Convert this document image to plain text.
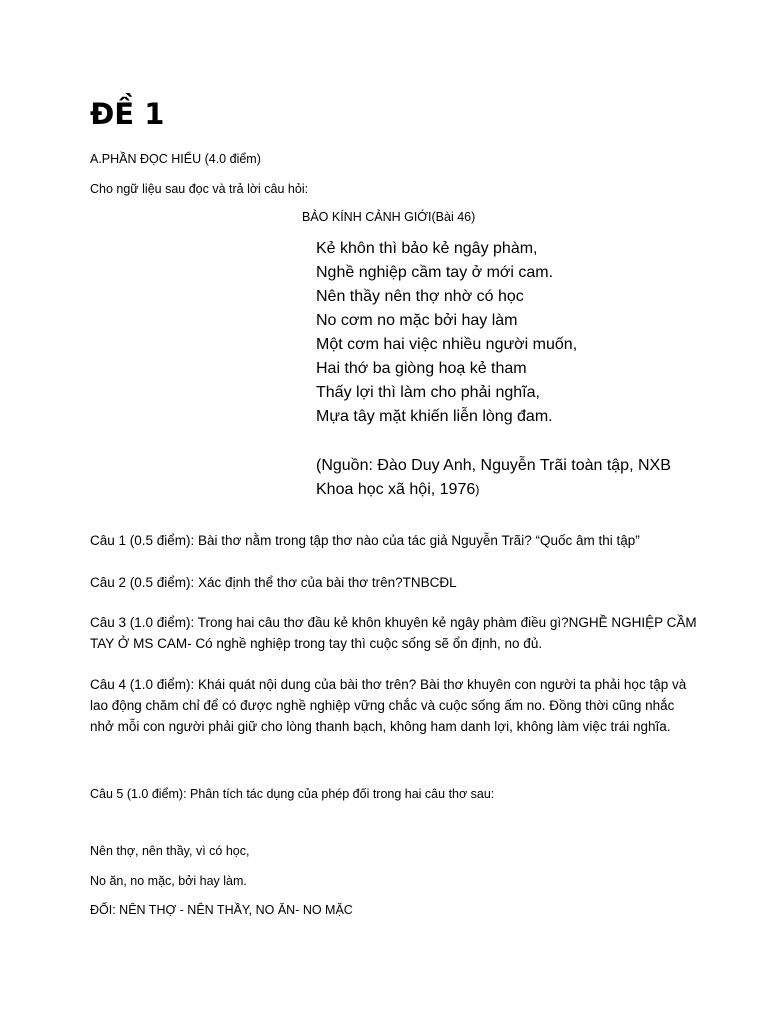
ĐỀ 1
A.PHẦN ĐỌC HIỂU (4.0 điểm)
Cho ngữ liệu sau đọc và trả lời câu hỏi:
BẢO KÍNH CẢNH GIỚI(Bài 46)
Kẻ khôn thì bảo kẻ ngây phàm,
Nghề nghiệp cầm tay ở mới cam.
Nên thầy nên thợ nhờ có học
No cơm no mặc bởi hay làm
Một cơm hai việc nhiều người muốn,
Hai thớ ba giòng hoạ kẻ tham
Thấy lợi thì làm cho phải nghĩa,
Mựa tây mặt khiến liễn lòng đam.
(Nguồn: Đào Duy Anh, Nguyễn Trãi toàn tập, NXB
Khoa học xã hội, 1976)
Câu 1 (0.5 điểm): Bài thơ nằm trong tập thơ nào của tác giả Nguyễn Trãi? “Quốc âm thi tập”
Câu 2 (0.5 điểm): Xác định thể thơ của bài thơ trên?TNBCĐL
Câu 3 (1.0 điểm): Trong hai câu thơ đầu kẻ khôn khuyên kẻ ngây phàm điều gì?NGHỀ NGHIỆP CẦM TAY Ở MS CAM- Có nghề nghiệp trong tay thì cuộc sống sẽ ổn định, no đủ.
Câu 4 (1.0 điểm): Khái quát nội dung của bài thơ trên? Bài thơ khuyên con người ta phải học tập và lao động chăm chỉ để có được nghề nghiệp vững chắc và cuộc sống ấm no. Đồng thời cũng nhắc nhở mỗi con người phải giữ cho lòng thanh bạch, không ham danh lợi, không làm việc trái nghĩa.
Câu 5 (1.0 điểm): Phân tích tác dụng của phép đối trong hai câu thơ sau:
Nên thợ, nên thầy, vì có học,
No ăn, no mặc, bởi hay làm.
ĐỐI: NÊN THỢ - NÊN THẦY, NO ĂN- NO MẶC
